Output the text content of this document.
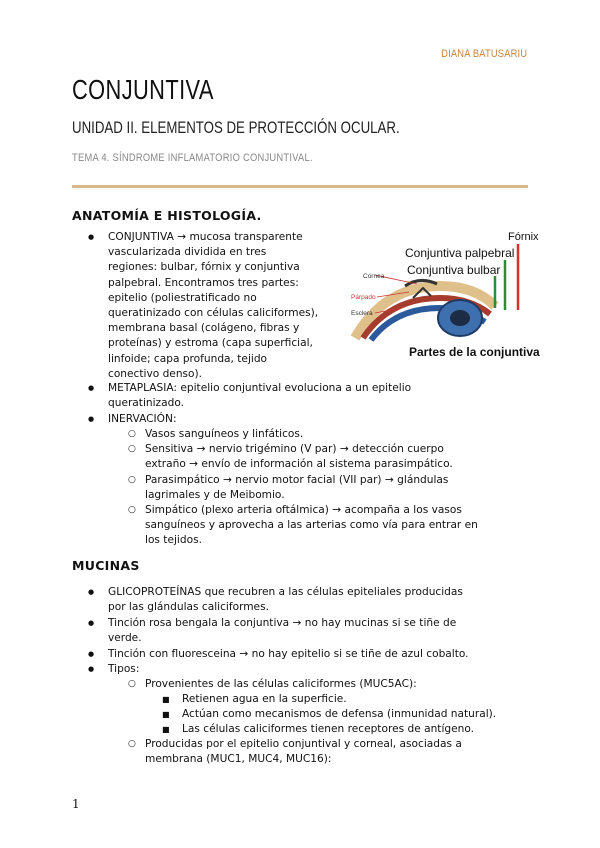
DIANA BATUSARIU
CONJUNTIVA
UNIDAD II. ELEMENTOS DE PROTECCIÓN OCULAR.
TEMA 4. SÍNDROME INFLAMATORIO CONJUNTIVAL.
ANATOMÍA E HISTOLOGÍA.
● CONJUNTIVA → mucosa transparente
vascularizada dividida en tres
regiones: bulbar, fórnix y conjuntiva
palpebral. Encontramos tres partes:
epitelio (poliestratificado no
queratinizado con células caliciformes),
membrana basal (colágeno, fibras y
proteínas) y estroma (capa superficial,
linfoide; capa profunda, tejido
conectivo denso).
Fórnix
Conjuntiva palpebral
Conjuntiva bulbar
Córnea
Párpado
Esclera
Partes de la conjuntiva
● METAPLASIA: epitelio conjuntival evoluciona a un epitelio
queratinizado.
● INERVACIÓN:
○ Vasos sanguíneos y linfáticos.
○ Sensitiva → nervio trigémino (V par) → detección cuerpo
extraño → envío de información al sistema parasimpático.
○ Parasimpático → nervio motor facial (VII par) → glándulas
lagrimales y de Meibomio.
○ Simpático (plexo arteria oftálmica) → acompaña a los vasos
sanguíneos y aprovecha a las arterias como vía para entrar en
los tejidos.
MUCINAS
● GLICOPROTEÍNAS que recubren a las células epiteliales producidas
por las glándulas caliciformes.
● Tinción rosa bengala la conjuntiva → no hay mucinas si se tiñe de
verde.
● Tinción con fluoresceina → no hay epitelio si se tiñe de azul cobalto.
● Tipos:
○ Provenientes de las células caliciformes (MUC5AC):
■ Retienen agua en la superficie.
■ Actúan como mecanismos de defensa (inmunidad natural).
■ Las células caliciformes tienen receptores de antígeno.
○ Producidas por el epitelio conjuntival y corneal, asociadas a
membrana (MUC1, MUC4, MUC16):
1
